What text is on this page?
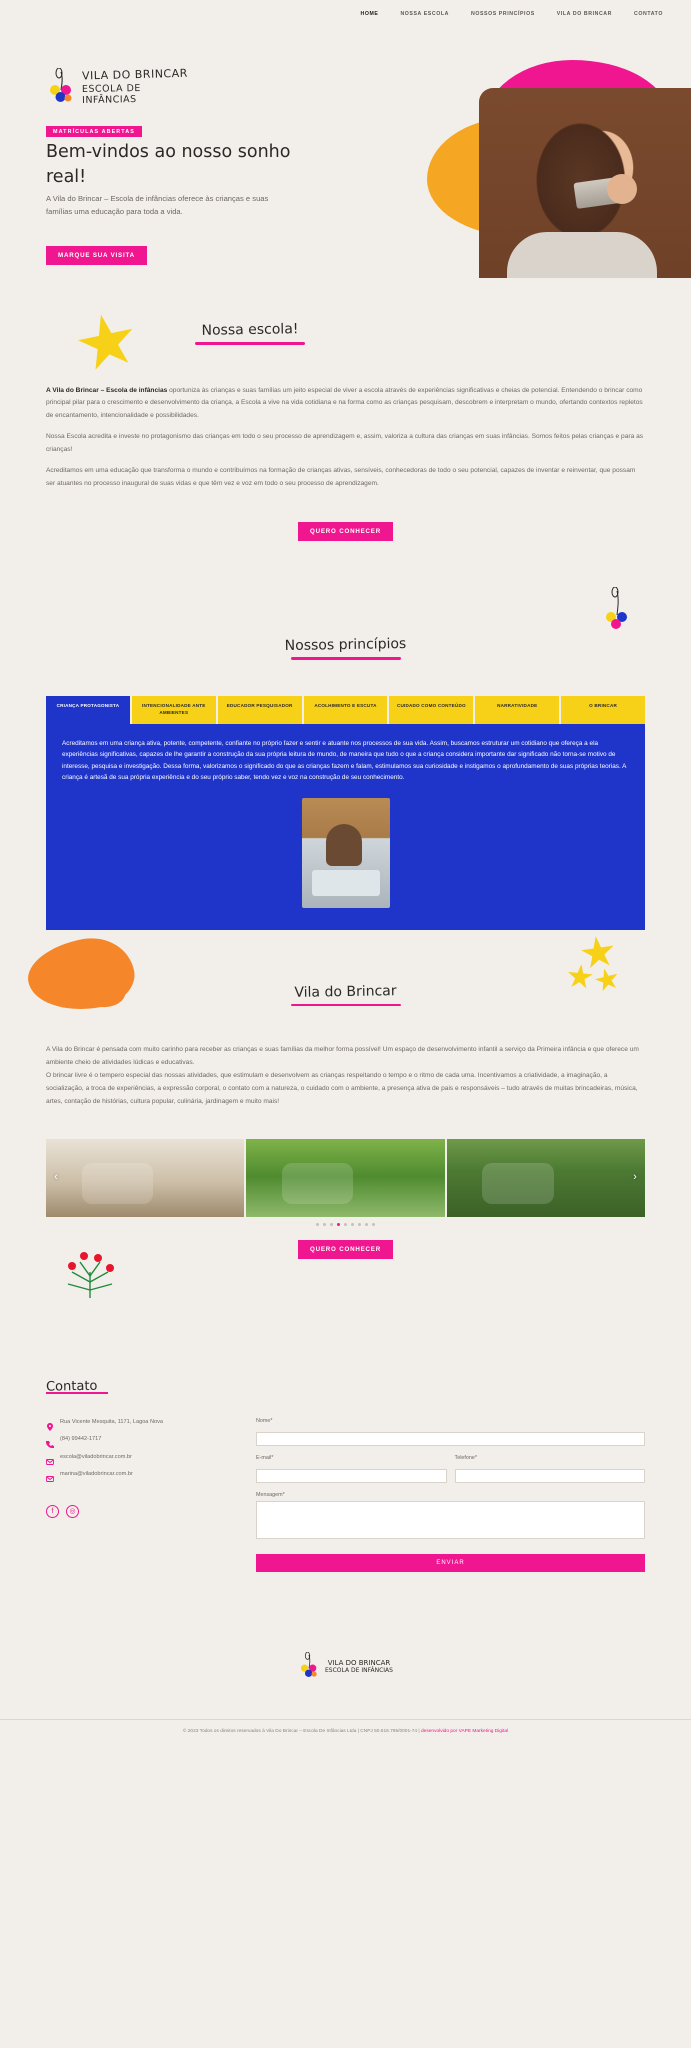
HOME	NOSSA ESCOLA	NOSSOS PRINCÍPIOS	VILA DO BRINCAR	CONTATO
VILA DO BRINCAR
ESCOLA DE INFÂNCIAS
MATRÍCULAS ABERTAS
Bem-vindos ao nosso sonho real!

A Vila do Brincar – Escola de infâncias oferece às crianças e suas famílias uma educação para toda a vida.

MARQUE SUA VISITA
Nossa escola!

A Vila do Brincar – Escola de infâncias oportuniza às crianças e suas famílias um jeito especial de viver a escola através de experiências significativas e cheias de potencial. Entendendo o brincar como principal pilar para o crescimento e desenvolvimento da criança, a Escola a vive na vida cotidiana e na forma como as crianças pesquisam, descobrem e interpretam o mundo, ofertando contextos repletos de encantamento, intencionalidade e possibilidades.

Nossa Escola acredita e investe no protagonismo das crianças em todo o seu processo de aprendizagem e, assim, valoriza a cultura das crianças em suas infâncias. Somos feitos pelas crianças e para as crianças!

Acreditamos em uma educação que transforma o mundo e contribuímos na formação de crianças ativas, sensíveis, conhecedoras de todo o seu potencial, capazes de inventar e reinventar, que possam ser atuantes no processo inaugural de suas vidas e que têm vez e voz em todo o seu processo de aprendizagem.

QUERO CONHECER
Nossos princípios
CRIANÇA PROTAGONISTA	INTENCIONALIDADE ANTE AMBIENTES
EDUCADOR PESQUISADOR	ACOLHIMENTO E ESCUTA	CUIDADO COMO CONTEÚDO	NARRATIVIDADE	O BRINCAR

Acreditamos em uma criança ativa, potente, competente, confiante no próprio fazer e sentir e atuante nos processos de sua vida. Assim, buscamos estruturar um cotidiano que ofereça a ela experiências significativas, capazes de lhe garantir a construção da sua própria leitura de mundo, de maneira que tudo o que a criança considera importante dar significado não torna-se motivo de interesse, pesquisa e investigação. Dessa forma, valorizamos o significado do que as crianças fazem e falam, estimulamos sua curiosidade e instigamos o aprofundamento de suas próprias teorias. A criança é artesã de sua própria experiência e do seu próprio saber, tendo vez e voz na construção de seu conhecimento.

Vila do Brincar

A Vila do Brincar é pensada com muito carinho para receber as crianças e suas famílias da melhor forma possível! Um espaço de desenvolvimento infantil a serviço da Primeira infância e que oferece um ambiente cheio de atividades lúdicas e educativas.

O brincar livre é o tempero especial das nossas atividades, que estimulam e desenvolvem as crianças respeitando o tempo e o ritmo de cada uma. Incentivamos a criatividade, a imaginação, a socialização, a troca de experiências, a expressão corporal, o contato com a natureza, o cuidado com o ambiente, a presença ativa de pais e responsáveis – tudo através de muitas brincadeiras, música, artes, contação de histórias, cultura popular, culinária, jardinagem e muito mais!

‹	›
QUERO CONHECER
Contato
Rua Vicente Mesquita, 1171, Lagoa Nova
(84) 99442-1717
escola@viladobrincar.com.br
marina@viladobrincar.com.br
f	◎
Nome*
E-mail*	Telefone*
Mensagem*
ENVIAR
VILA DO BRINCAR
ESCOLA DE INFÂNCIAS
© 2023 Todos os direitos reservados à Vila Do Brincar – Escola De Infâncias Ltda | CNPJ 50.616.795/0001-74 | desenvolvido por VAPE Marketing Digital
